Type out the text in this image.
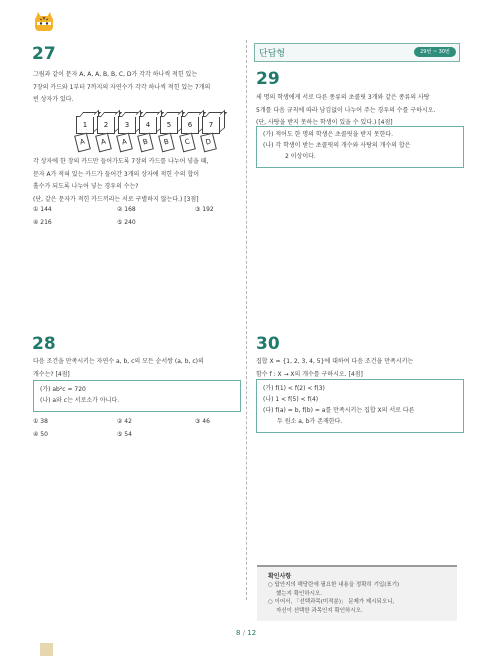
27
그림과 같이 문자 A, A, A, B, B, C, D가 각각 하나씩 적힌 있는
7장의 카드와 1부터 7까지의 자연수가 각각 하나씩 적힌 있는 7개의
빈 상자가 있다.
1	2	3	4	5	6	7
A	A	A	B	B	C	D
각 상자에 한 장의 카드만 들어가도록 7장의 카드를 나누어 넣을 때,
문자 A가 적혀 있는 카드가 들어간 3개의 상자에 적힌 수의 합이
홀수가 되도록 나누어 넣는 경우의 수는?
(단, 같은 문자가 적힌 카드끼리는 서로 구별하지 않는다.) [3점]
① 144	② 168	③ 192
④ 216	⑤ 240
단답형	29번 ~ 30번
29
세 명의 학생에게 서로 다른 종류의 초콜릿 3개와 같은 종류의 사탕
5개를 다음 규칙에 따라 남김없이 나누어 주는 경우의 수를 구하시오.
(단, 사탕을 받지 못하는 학생이 있을 수 있다.) [4점]
(가) 적어도 한 명의 학생은 초콜릿을 받지 못한다.
(나) 각 학생이 받는 초콜릿의 개수와 사탕의 개수의 합은
2 이상이다.
28
다음 조건을 만족시키는 자연수 a, b, c의 모든 순서쌍 (a, b, c)의
개수는? [4점]
(가) ab²c = 720
(나) a와 c는 서로소가 아니다.
① 38	② 42	③ 46
④ 50	⑤ 54
30
집합 X = {1, 2, 3, 4, 5}에 대하여 다음 조건을 만족시키는
함수 f : X → X의 개수를 구하시오. [4점]
(가) f(1) < f(2) < f(3)
(나) 1 < f(5) < f(4)
(다) f(a) = b, f(b) = a를 만족시키는 집합 X의 서로 다른
두 원소 a, b가 존재한다.
확인사항
○ 답안지의 해당란에 필요한 내용을 정확히 기입(표기)
했는지 확인하시오.
○ 이어서, 「선택과목(미적분)」 문제가 제시되오니,
자신이 선택한 과목인지 확인하시오.
8 / 12
